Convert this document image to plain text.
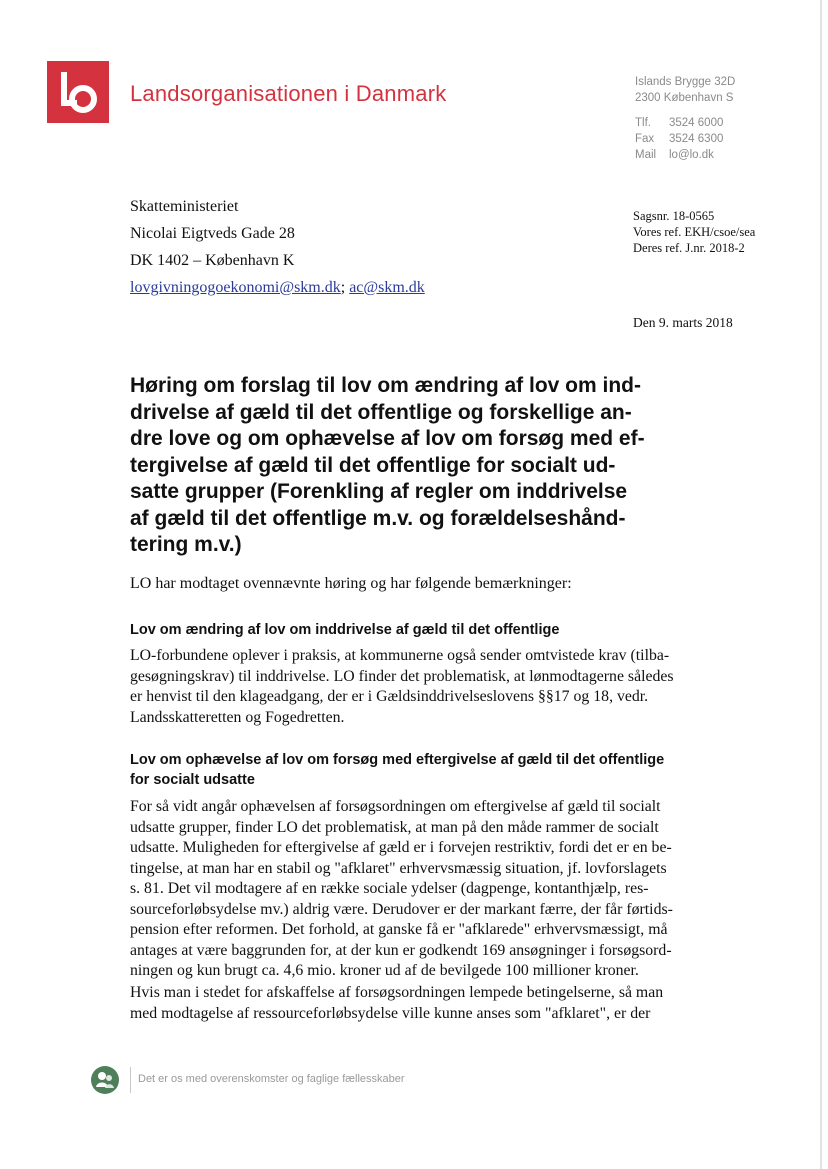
Landsorganisationen i Danmark	Islands Brygge 32D
2300 København S
Tlf. 3524 6000
Fax 3524 6300
Mail lo@lo.dk
Skatteministeriet
Nicolai Eigtveds Gade 28
DK 1402 – København K
lovgivningogoekonomi@skm.dk; ac@skm.dk
Sagsnr. 18-0565
Vores ref. EKH/csoe/sea
Deres ref. J.nr. 2018-2
Den 9. marts 2018
Høring om forslag til lov om ændring af lov om ind-
drivelse af gæld til det offentlige og forskellige an-
dre love og om ophævelse af lov om forsøg med ef-
tergivelse af gæld til det offentlige for socialt ud-
satte grupper (Forenkling af regler om inddrivelse
af gæld til det offentlige m.v. og forældelseshånd-
tering m.v.)
LO har modtaget ovennævnte høring og har følgende bemærkninger:
Lov om ændring af lov om inddrivelse af gæld til det offentlige
LO-forbundene oplever i praksis, at kommunerne også sender omtvistede krav (tilba-
gesøgningskrav) til inddrivelse. LO finder det problematisk, at lønmodtagerne således
er henvist til den klageadgang, der er i Gældsinddrivelseslovens §§17 og 18, vedr.
Landsskatteretten og Fogedretten.
Lov om ophævelse af lov om forsøg med eftergivelse af gæld til det offentlige
for socialt udsatte
For så vidt angår ophævelsen af forsøgsordningen om eftergivelse af gæld til socialt
udsatte grupper, finder LO det problematisk, at man på den måde rammer de socialt
udsatte. Muligheden for eftergivelse af gæld er i forvejen restriktiv, fordi det er en be-
tingelse, at man har en stabil og "afklaret" erhvervsmæssig situation, jf. lovforslagets
s. 81. Det vil modtagere af en række sociale ydelser (dagpenge, kontanthjælp, res-
sourceforløbsydelse mv.) aldrig være. Derudover er der markant færre, der får førtids-
pension efter reformen. Det forhold, at ganske få er "afklarede" erhvervsmæssigt, må
antages at være baggrunden for, at der kun er godkendt 169 ansøgninger i forsøgsord-
ningen og kun brugt ca. 4,6 mio. kroner ud af de bevilgede 100 millioner kroner.
Hvis man i stedet for afskaffelse af forsøgsordningen lempede betingelserne, så man
med modtagelse af ressourceforløbsydelse ville kunne anses som "afklaret", er der
Det er os med overenskomster og faglige fællesskaber
